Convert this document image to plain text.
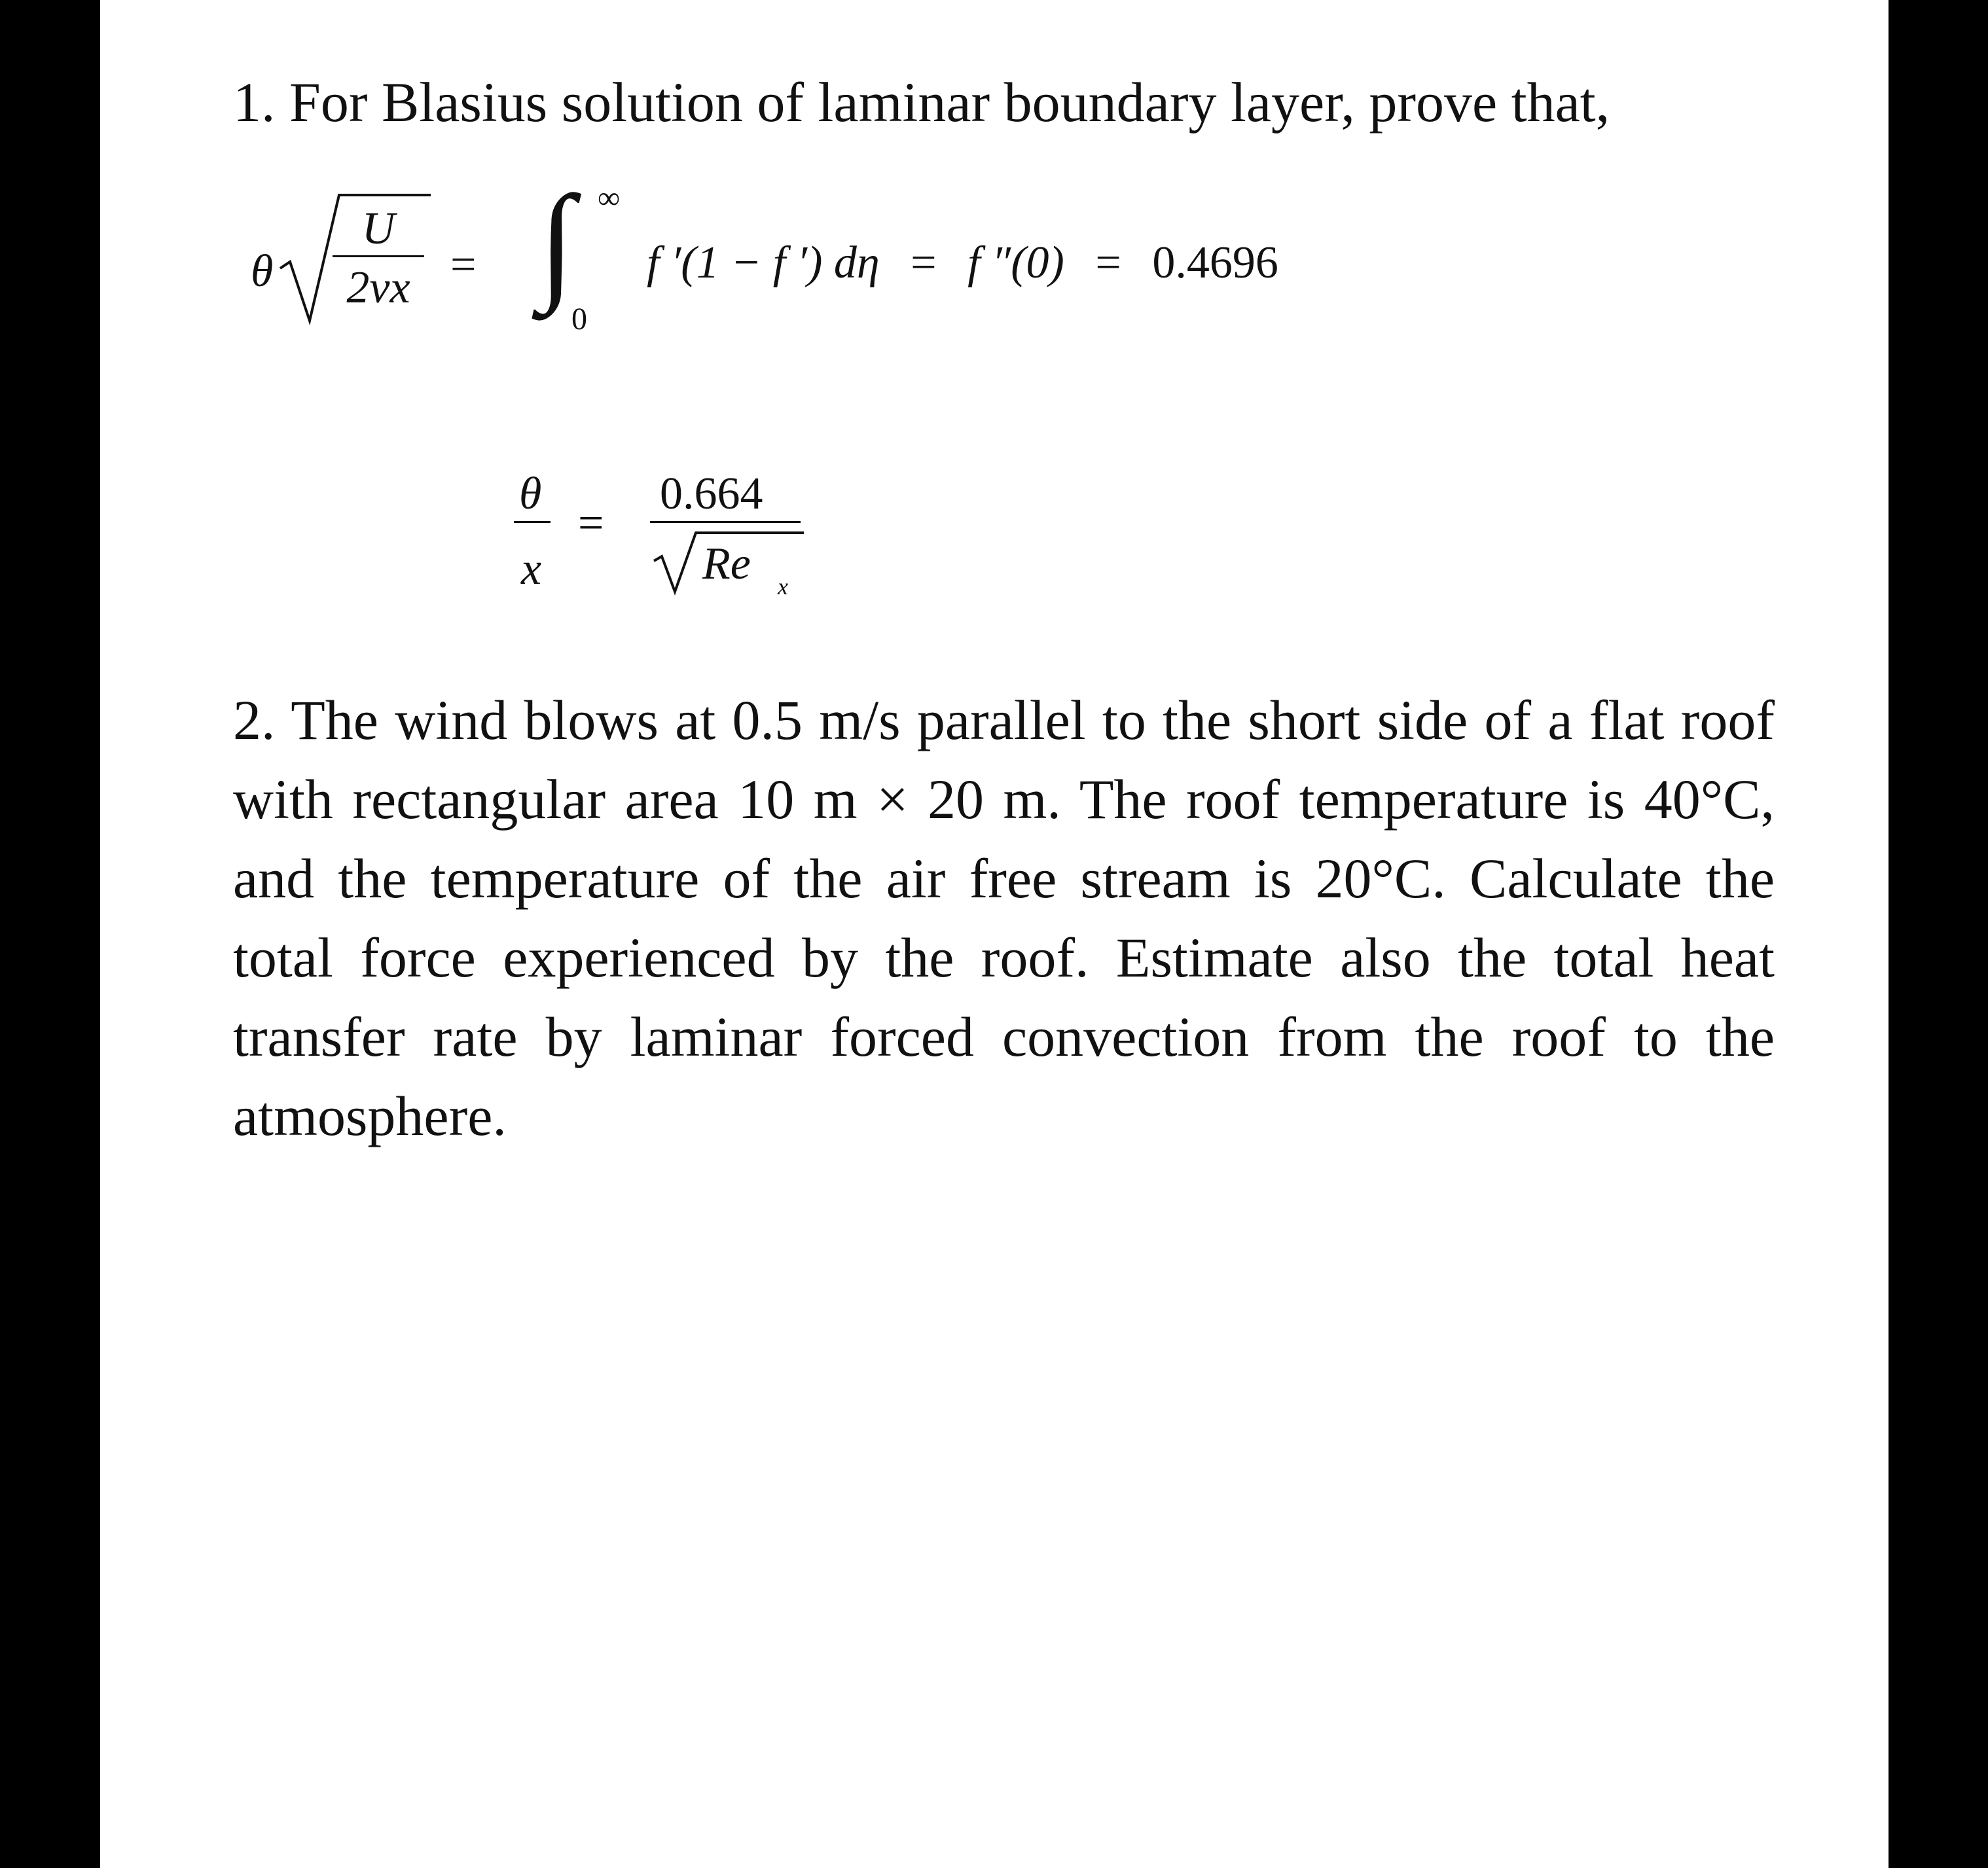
1. For Blasius solution of laminar boundary layer, prove that,
θ
U
2νx = ∫ ∞
0
f ′(1 − f ′) dη = f ″(0) = 0.4696
θ
x
=
0.664
Re x
2. The wind blows at 0.5 m/s parallel to the short side of a flat roof with rectangular area 10 m × 20 m. The roof temperature is 40°C, and the temperature of the air free stream is 20°C. Calculate the total force experienced by the roof. Estimate also the total heat transfer rate by laminar forced convection from the roof to the atmosphere.
